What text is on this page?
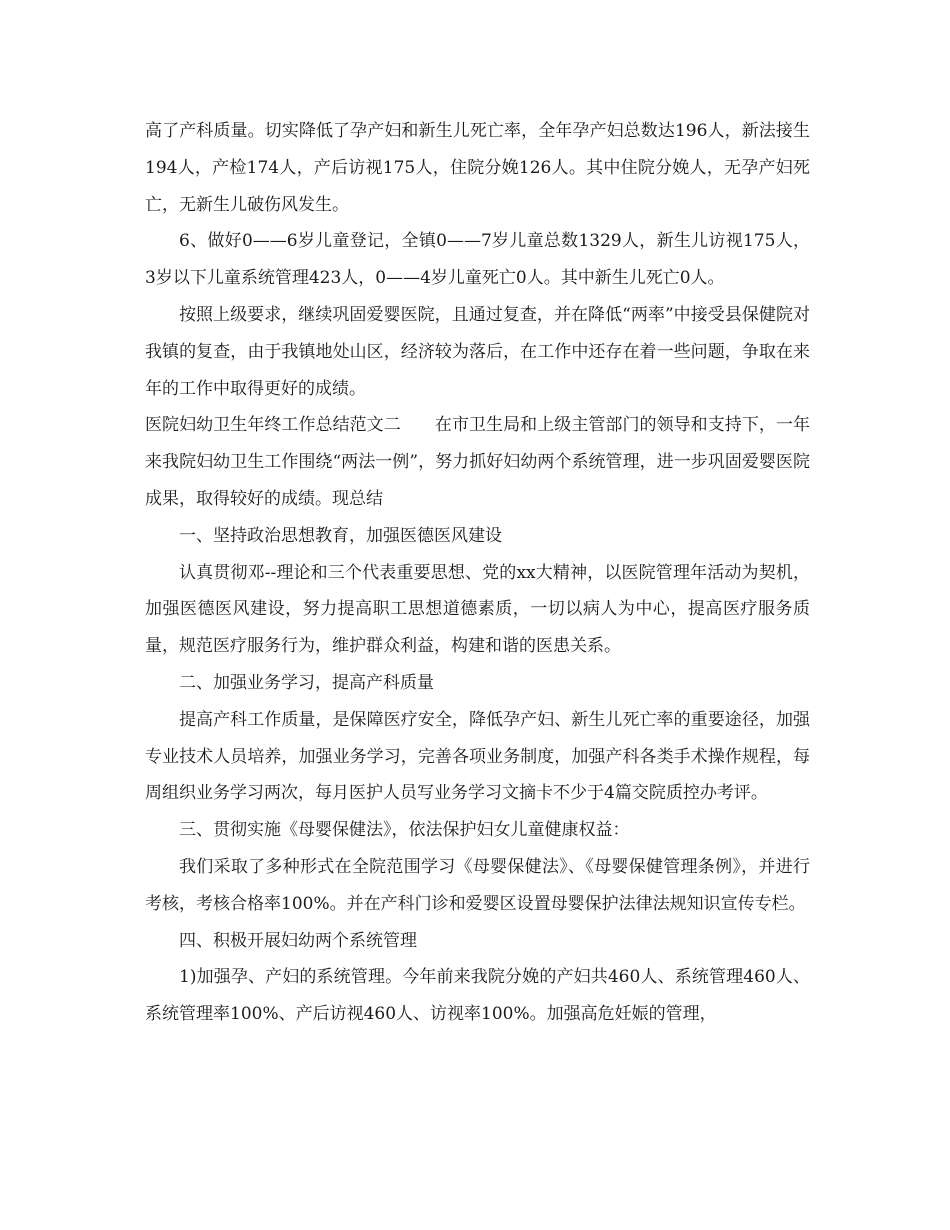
高了产科质量。切实降低了孕产妇和新生儿死亡率，全年孕产妇总数达196人，新法接生194人，产检174人，产后访视175人，住院分娩126人。其中住院分娩人，无孕产妇死亡，无新生儿破伤风发生。

6、做好0——6岁儿童登记，全镇0——7岁儿童总数1329人，新生儿访视175人，3岁以下儿童系统管理423人，0——4岁儿童死亡0人。其中新生儿死亡0人。

按照上级要求，继续巩固爱婴医院，且通过复查，并在降低“两率”中接受县保健院对我镇的复查，由于我镇地处山区，经济较为落后，在工作中还存在着一些问题，争取在来年的工作中取得更好的成绩。

医院妇幼卫生年终工作总结范文二　　在市卫生局和上级主管部门的领导和支持下，一年来我院妇幼卫生工作围绕“两法一例”，努力抓好妇幼两个系统管理，进一步巩固爱婴医院成果，取得较好的成绩。现总结

一、坚持政治思想教育，加强医德医风建设

认真贯彻邓--理论和三个代表重要思想、党的xx大精神，以医院管理年活动为契机，加强医德医风建设，努力提高职工思想道德素质，一切以病人为中心，提高医疗服务质量，规范医疗服务行为，维护群众利益，构建和谐的医患关系。

二、加强业务学习，提高产科质量

提高产科工作质量，是保障医疗安全，降低孕产妇、新生儿死亡率的重要途径，加强专业技术人员培养，加强业务学习，完善各项业务制度，加强产科各类手术操作规程，每周组织业务学习两次，每月医护人员写业务学习文摘卡不少于4篇交院质控办考评。

三、贯彻实施《母婴保健法》，依法保护妇女儿童健康权益：

我们采取了多种形式在全院范围学习《母婴保健法》、《母婴保健管理条例》，并进行考核，考核合格率100%。并在产科门诊和爱婴区设置母婴保护法律法规知识宣传专栏。

四、积极开展妇幼两个系统管理

1)加强孕、产妇的系统管理。今年前来我院分娩的产妇共460人、系统管理460人、系统管理率100%、产后访视460人、访视率100%。加强高危妊娠的管理，
